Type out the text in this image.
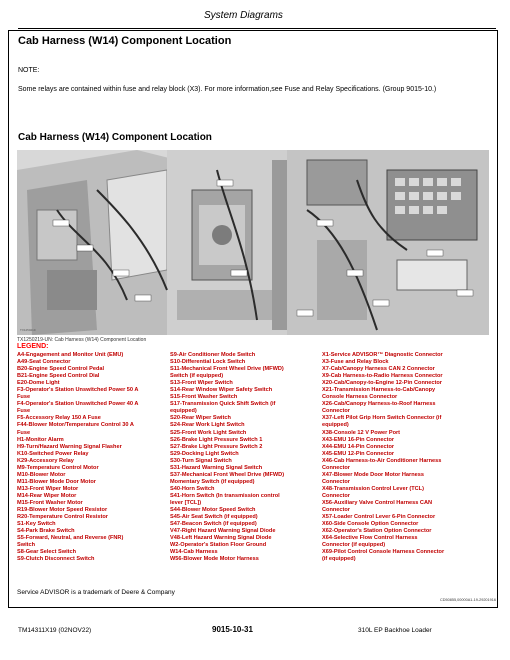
System Diagrams
Cab Harness (W14) Component Location
NOTE:
Some relays are contained within fuse and relay block (X3). For more information,see Fuse and Relay Specifications. (Group 9015-10.)
Cab Harness (W14) Component Location
TX1250219
TX1250219-UN: Cab Harness (W14) Component Location
LEGEND:
A4-Engagement and Monitor Unit (EMU)
A49-Seat Connector
B20-Engine Speed Control Pedal
B21-Engine Speed Control Dial
E20-Dome Light
F3-Operator's Station Unswitched Power 50 A
Fuse
F4-Operator's Station Unswitched Power 40 A
Fuse
F5-Accessory Relay 150 A Fuse
F44-Blower Motor/Temperature Control 30 A
Fuse
H1-Monitor Alarm
H9-Turn/Hazard Warning Signal Flasher
K10-Switched Power Relay
K29-Accessory Relay
M9-Temperature Control Motor
M10-Blower Motor
M11-Blower Mode Door Motor
M13-Front Wiper Motor
M14-Rear Wiper Motor
M15-Front Washer Motor
R19-Blower Motor Speed Resistor
R20-Temperature Control Resistor
S1-Key Switch
S4-Park Brake Switch
S5-Forward, Neutral, and Reverse (FNR)
Switch
S8-Gear Select Switch
S9-Clutch Disconnect Switch
S9-Air Conditioner Mode Switch
S10-Differential Lock Switch
S11-Mechanical Front Wheel Drive (MFWD)
Switch (if equipped)
S13-Front Wiper Switch
S14-Rear Window Wiper Safety Switch
S15-Front Washer Switch
S17-Transmission Quick Shift Switch (if
equipped)
S20-Rear Wiper Switch
S24-Rear Work Light Switch
S25-Front Work Light Switch
S26-Brake Light Pressure Switch 1
S27-Brake Light Pressure Switch 2
S29-Docking Light Switch
S30-Turn Signal Switch
S31-Hazard Warning Signal Switch
S37-Mechanical Front Wheel Drive (MFWD)
Momentary Switch (if equipped)
S40-Horn Switch
S41-Horn Switch (In transmission control
lever [TCL])
S44-Blower Motor Speed Switch
S45-Air Seat Switch (if equipped)
S47-Beacon Switch (if equipped)
V47-Right Hazard Warning Signal Diode
V48-Left Hazard Warning Signal Diode
W2-Operator's Station Floor Ground
W14-Cab Harness
W56-Blower Mode Motor Harness
X1-Service ADVISOR™ Diagnostic Connector
X3-Fuse and Relay Block
X7-Cab/Canopy Harness CAN 2 Connector
X9-Cab Harness-to-Radio Harness Connector
X20-Cab/Canopy-to-Engine 12-Pin Connector
X21-Transmission Harness-to-Cab/Canopy
Console Harness Connector
X26-Cab/Canopy Harness-to-Roof Harness
Connector
X37-Left Pilot Grip Horn Switch Connector (if
equipped)
X38-Console 12 V Power Port
X43-EMU 16-Pin Connector
X44-EMU 14-Pin Connector
X45-EMU 12-Pin Connector
X46-Cab Harness-to-Air Conditioner Harness
Connector
X47-Blower Mode Door Motor Harness
Connector
X48-Transmission Control Lever (TCL)
Connector
X56-Auxiliary Valve Control Harness CAN
Connector
X57-Loader Control Lever 6-Pin Connector
X60-Side Console Option Connector
X62-Operator's Station Option Connector
X64-Selective Flow Control Harness
Connector (if equipped)
X69-Pilot Control Console Harness Connector
(if equipped)
Service ADVISOR is a trademark of Deere & Company
CD50855,00000A1-19-29201916
TM14311X19 (02NOV22)	9015-10-31	310L EP Backhoe Loader
